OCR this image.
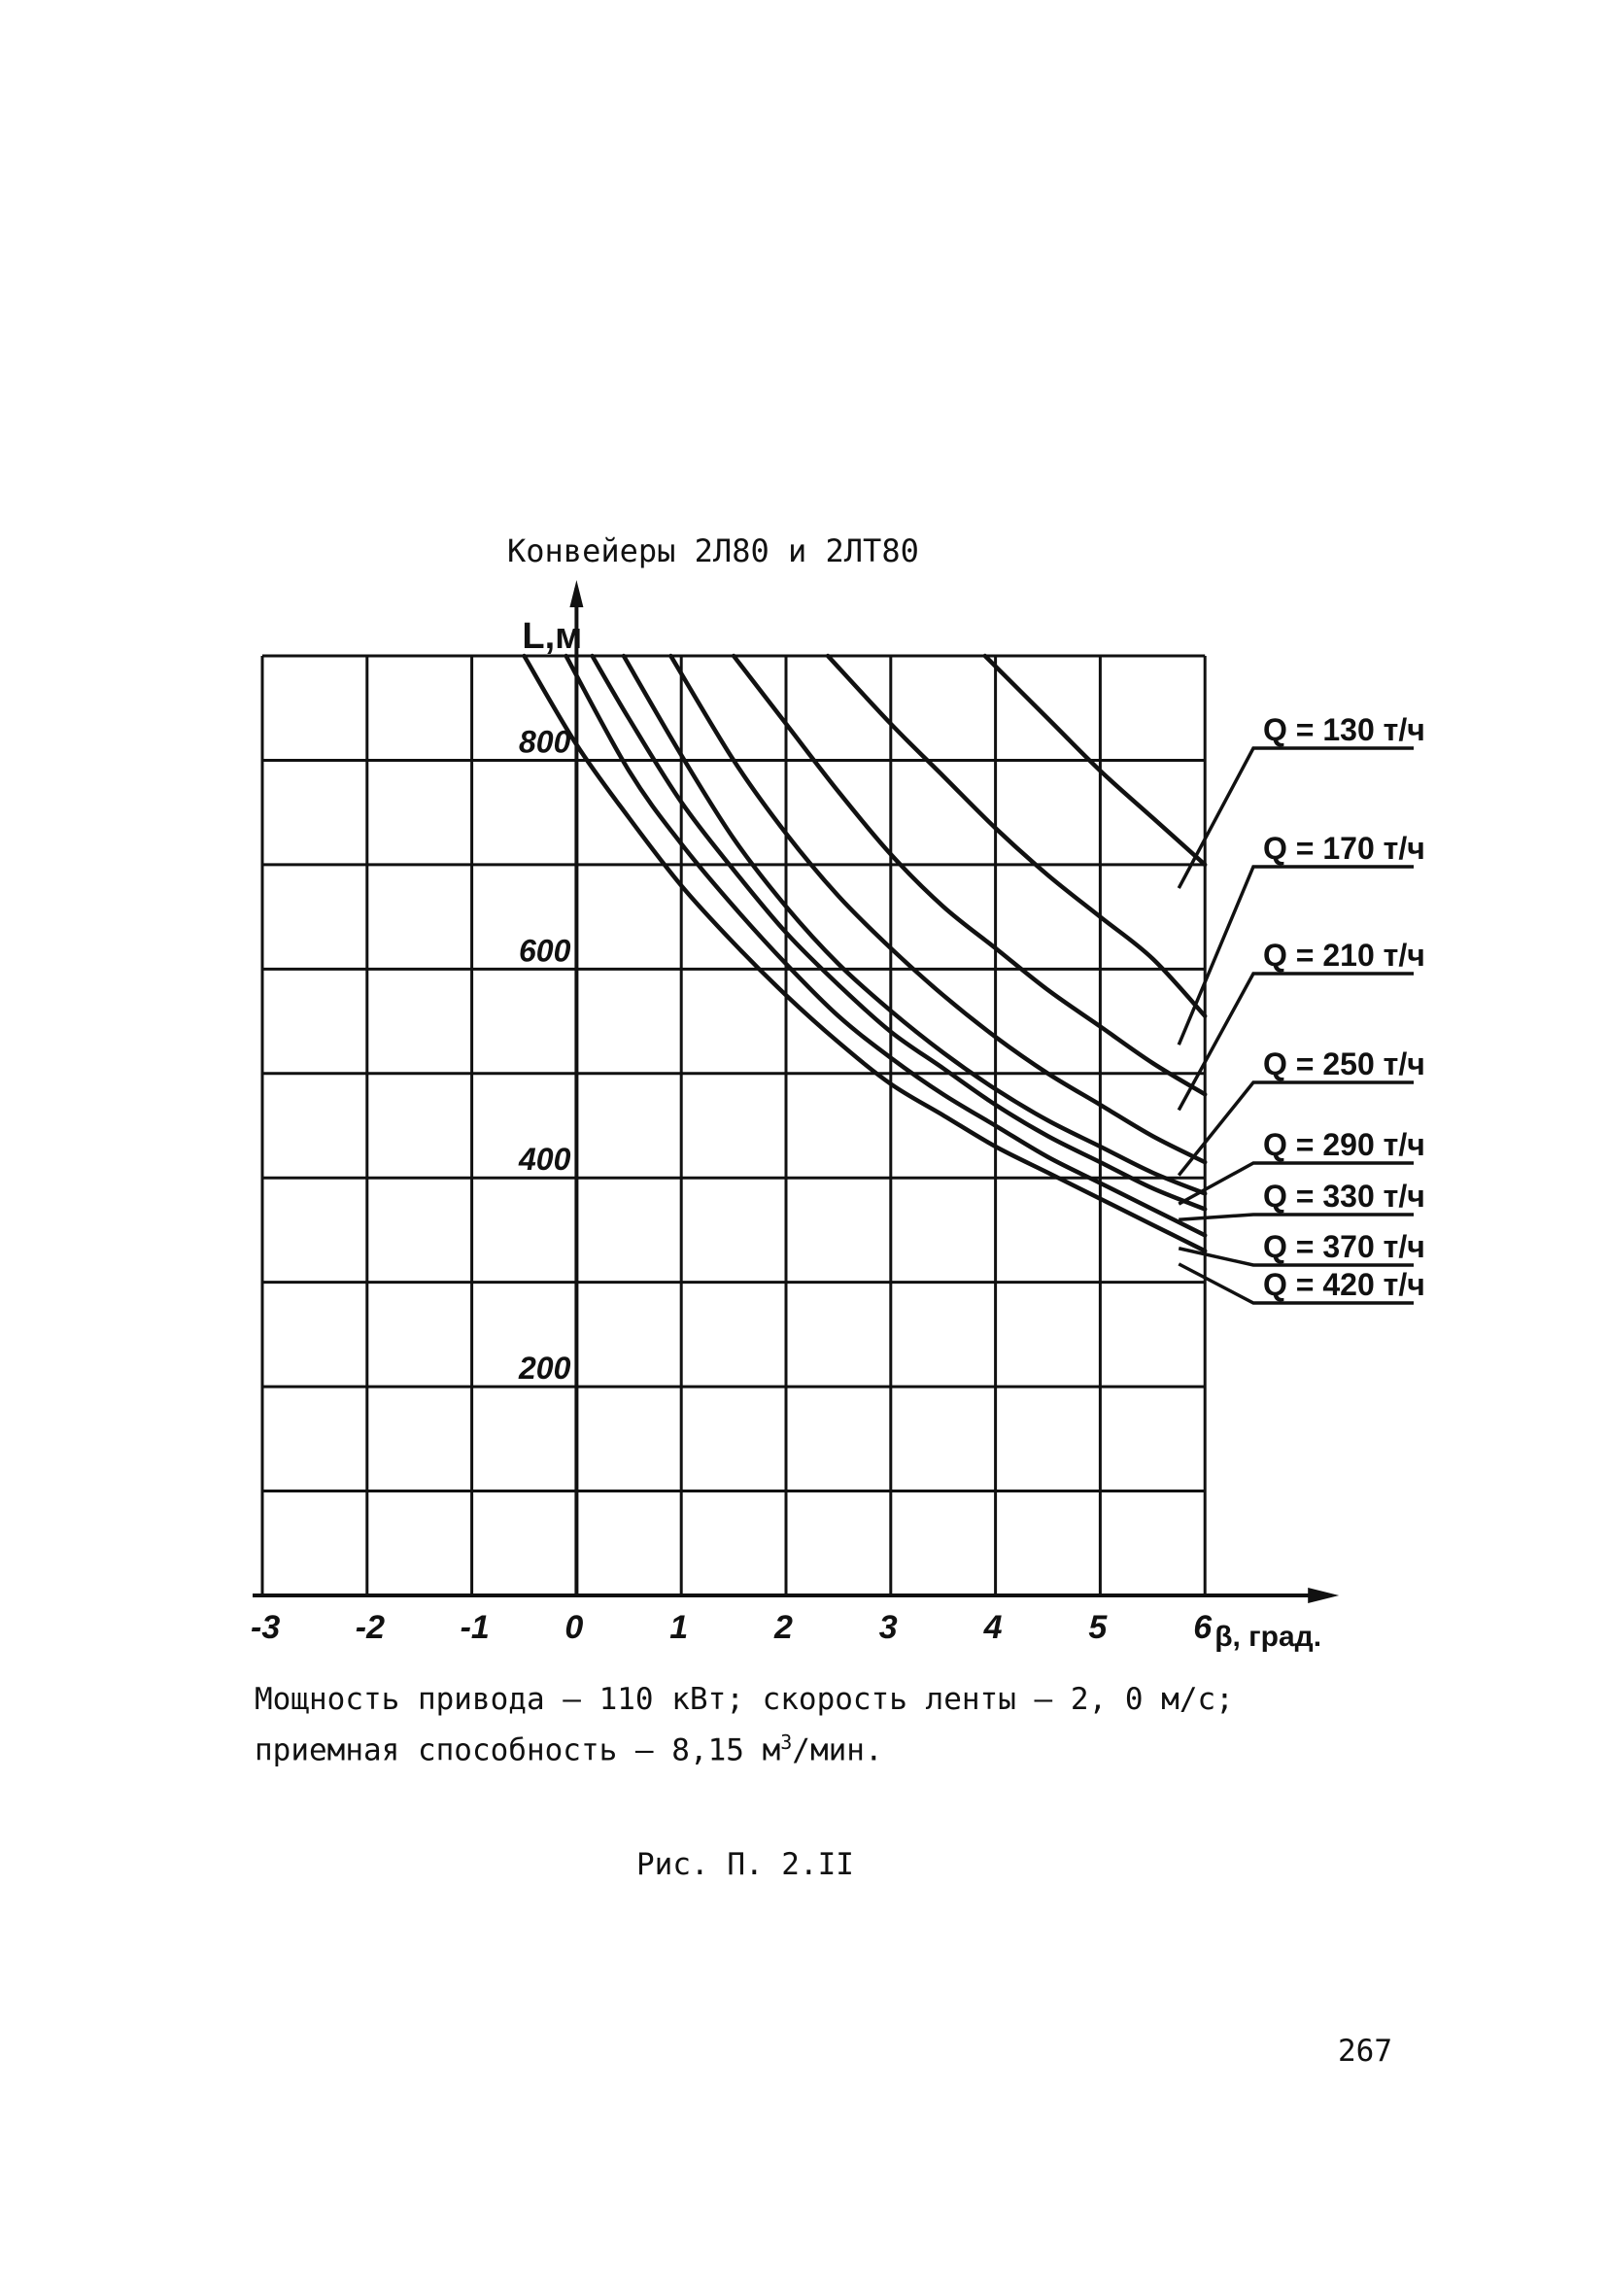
Конвейеры 2Л80 и 2ЛТ80
-3 -2 -1 0	1	2	3	4	5	6
200
400
600
800
L,м
β, град.
Q = 130 т/ч
Q = 170 т/ч
Q = 210 т/ч
Q = 250 т/ч
Q = 290 т/ч
Q = 330 т/ч
Q = 370 т/ч
Q = 420 т/ч
Мощность привода – 110 кВт; скорость ленты – 2, 0 м/с;
приемная способность – 8,15 $м^3$/мин.
Рис. П. 2.II
267
